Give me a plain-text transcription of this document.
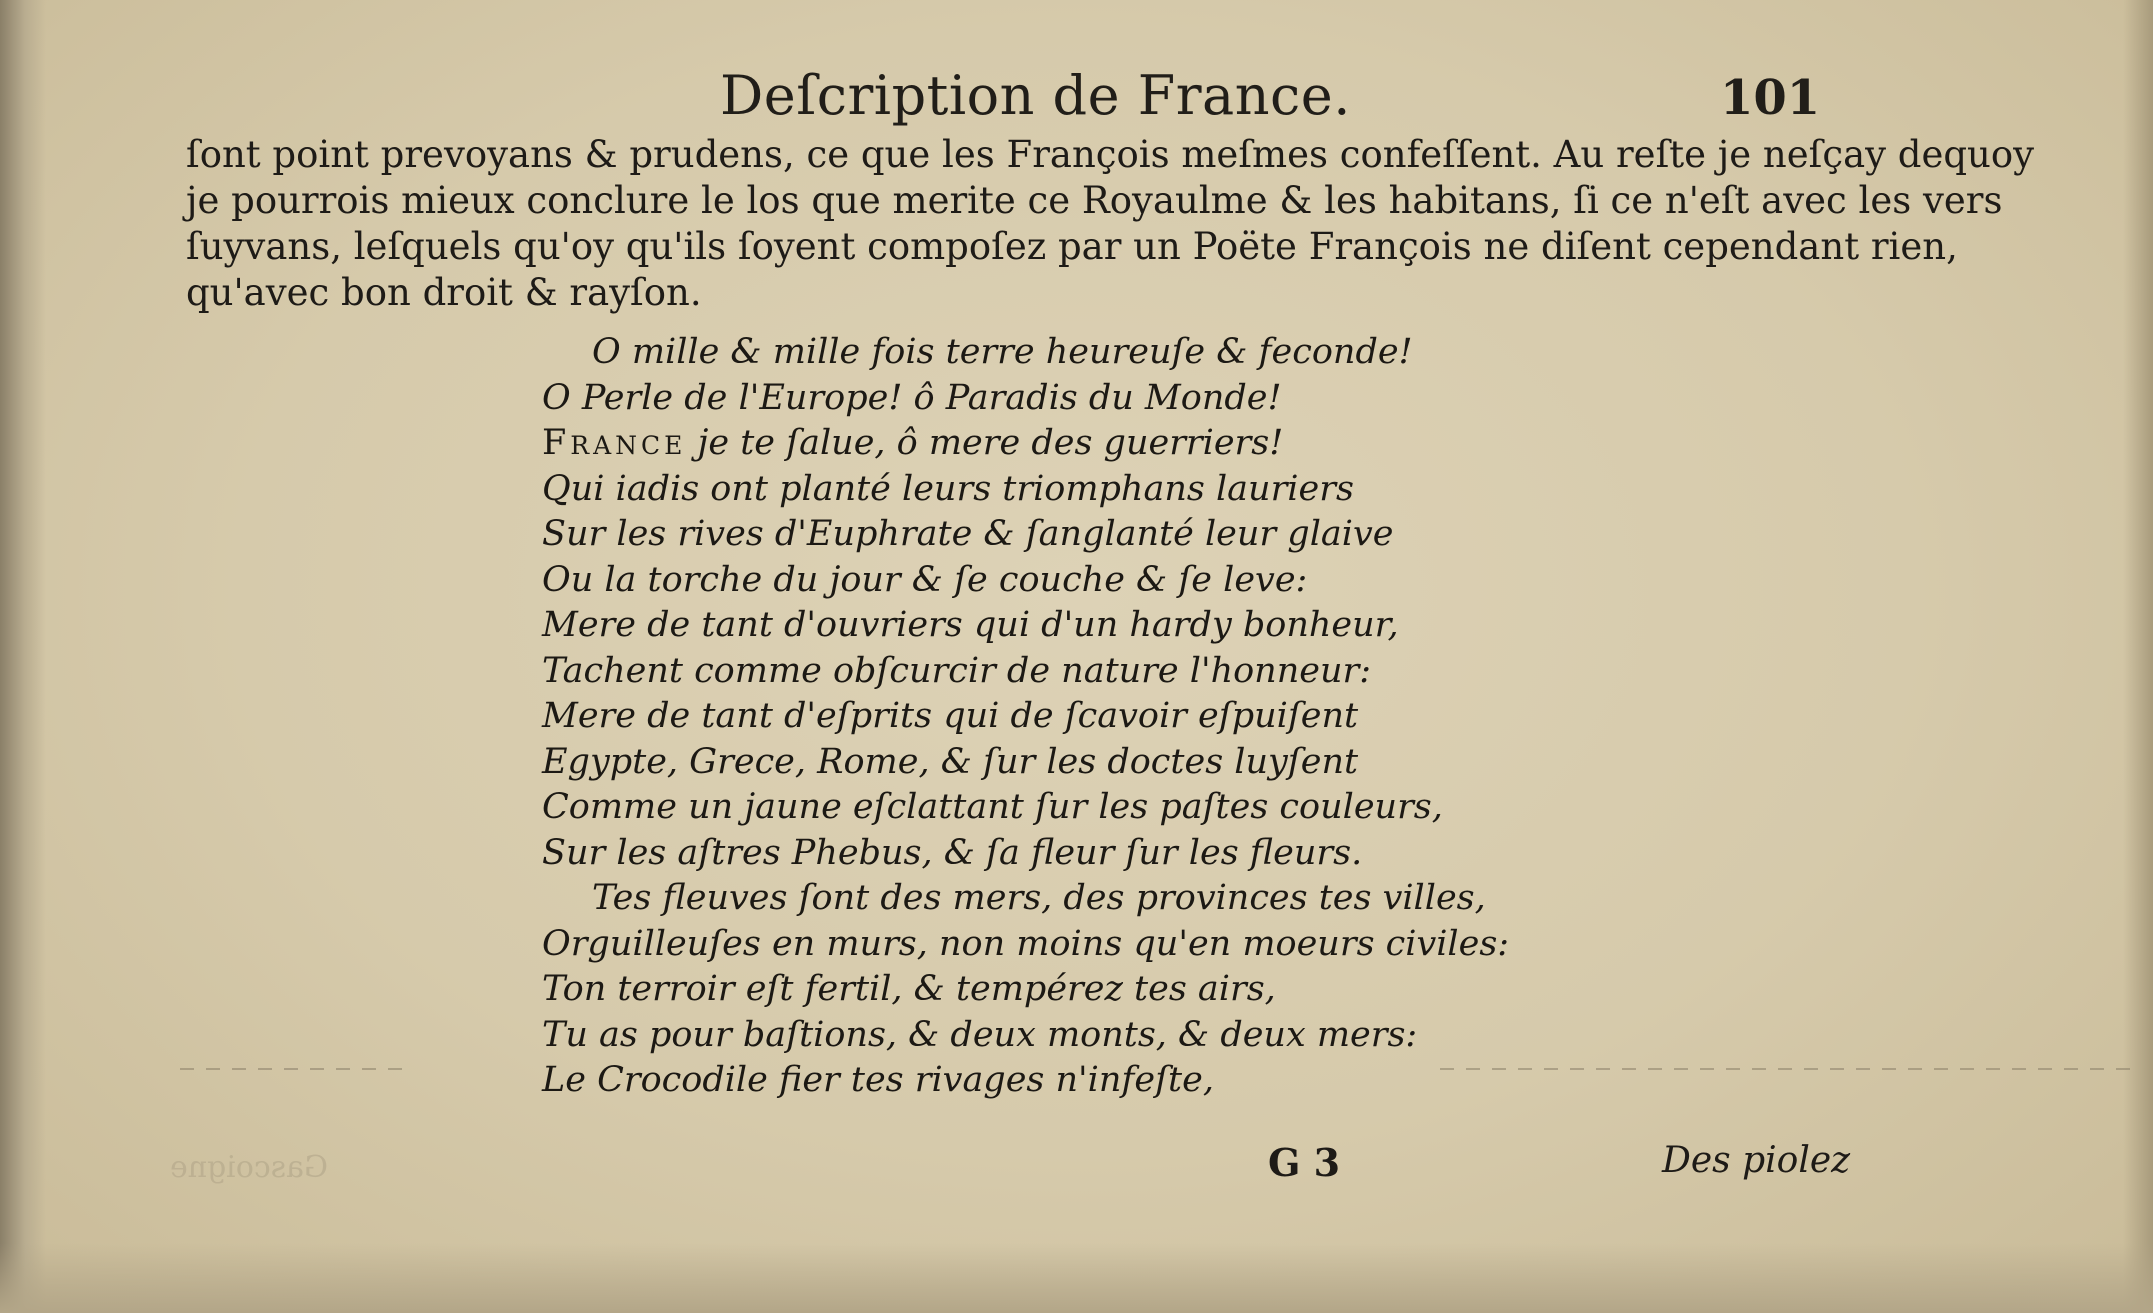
Deſcription de France.	101
ſont point prevoyans & prudens, ce que les François meſmes confeſſent. Au reſte je neſçay dequoy
je pourrois mieux conclure le los que merite ce Royaulme & les habitans, ſi ce n'eſt avec les vers
ſuyvans, leſquels qu'oy qu'ils ſoyent compoſez par un Poëte François ne diſent cependant rien,
qu'avec bon droit & rayſon.
O mille & mille fois terre heureuſe & feconde!
O Perle de l'Europe! ô Paradis du Monde!
France je te ſalue, ô mere des guerriers!
Qui iadis ont planté leurs triomphans lauriers
Sur les rives d'Euphrate & ſanglanté leur glaive
Ou la torche du jour & ſe couche & ſe leve:
Mere de tant d'ouvriers qui d'un hardy bonheur,
Tachent comme obſcurcir de nature l'honneur:
Mere de tant d'eſprits qui de ſcavoir eſpuiſent
Egypte, Grece, Rome, & ſur les doctes luyſent
Comme un jaune eſclattant ſur les paſtes couleurs,
Sur les aſtres Phebus, & ſa fleur ſur les fleurs.
Tes fleuves ſont des mers, des provinces tes villes,
Orguilleuſes en murs, non moins qu'en moeurs civiles:
Ton terroir eſt fertil, & tempérez tes airs,
Tu as pour baſtions, & deux monts, & deux mers:
Le Crocodile fier tes rivages n'infeſte,
Gascoigne	G 3	Des piolez
